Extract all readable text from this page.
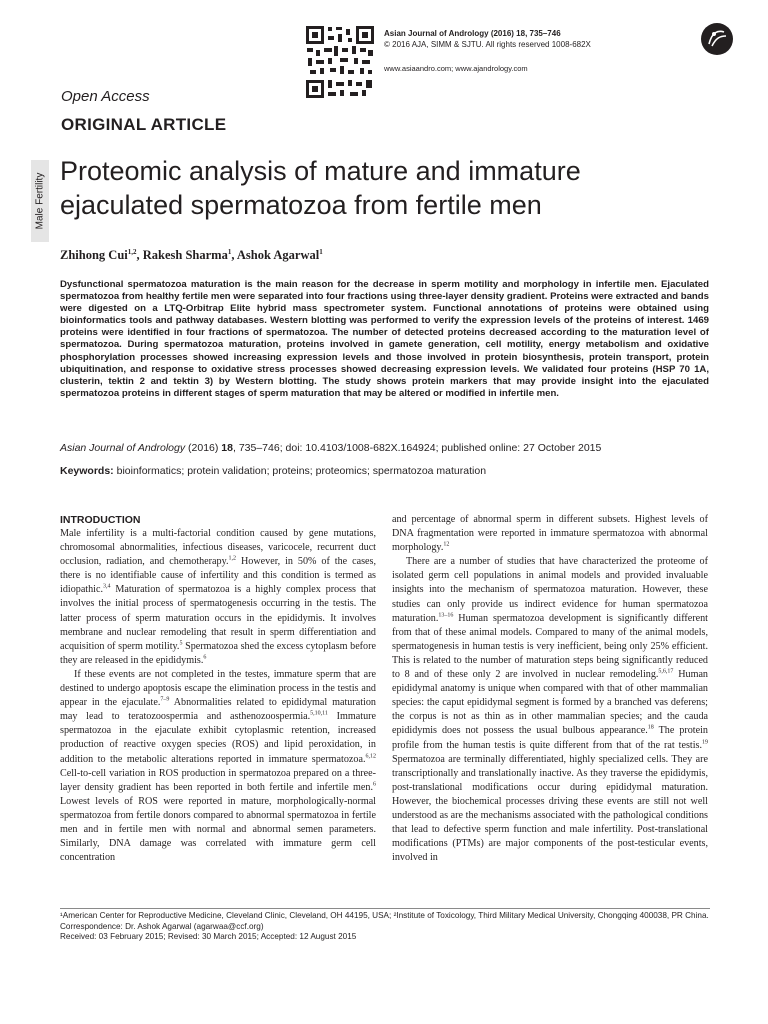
Asian Journal of Andrology (2016) 18, 735–746
© 2016 AJA, SIMM & SJTU. All rights reserved 1008-682X
www.asiaandro.com; www.ajandrology.com
Open Access
ORIGINAL ARTICLE
Male Fertility
Proteomic analysis of mature and immature
ejaculated spermatozoa from fertile men
Zhihong Cui$^{1,2}$, Rakesh Sharma$^1$, Ashok Agarwal$^1$
Dysfunctional spermatozoa maturation is the main reason for the decrease in sperm motility and morphology in infertile men. Ejaculated spermatozoa from healthy fertile men were separated into four fractions using three-layer density gradient. Proteins were extracted and bands were digested on a LTQ-Orbitrap Elite hybrid mass spectrometer system. Functional annotations of proteins were obtained using bioinformatics tools and pathway databases. Western blotting was performed to verify the expression levels of the proteins of interest. 1469 proteins were identified in four fractions of spermatozoa. The number of detected proteins decreased according to the maturation level of spermatozoa. During spermatozoa maturation, proteins involved in gamete generation, cell motility, energy metabolism and oxidative phosphorylation processes showed increasing expression levels and those involved in protein biosynthesis, protein transport, protein ubiquitination, and response to oxidative stress processes showed decreasing expression levels. We validated four proteins (HSP 70 1A, clusterin, tektin 2 and tektin 3) by Western blotting. The study shows protein markers that may provide insight into the ejaculated spermatozoa proteins in different stages of sperm maturation that may be altered or modified in infertile men.
Asian Journal of Andrology (2016) 18, 735–746; doi: 10.4103/1008-682X.164924; published online: 27 October 2015
Keywords: bioinformatics; protein validation; proteins; proteomics; spermatozoa maturation
INTRODUCTION

Male infertility is a multi-factorial condition caused by gene mutations, chromosomal abnormalities, infectious diseases, varicocele, recurrent duct occlusion, radiation, and chemotherapy.$^{1,2}$ However, in 50% of the cases, there is no identifiable cause of infertility and this condition is termed as idiopathic.$^{3,4}$ Maturation of spermatozoa is a highly complex process that involves the initial process of spermatogenesis occurring in the testis. The latter process of sperm maturation occurs in the epididymis. It involves membrane and nuclear remodeling that result in sperm differentiation and acquisition of sperm motility.$^5$ Spermatozoa shed the excess cytoplasm before they are released in the epididymis.$^6$

If these events are not completed in the testes, immature sperm that are destined to undergo apoptosis escape the elimination process in the testis and appear in the ejaculate.$^{7-9}$ Abnormalities related to epididymal maturation may lead to teratozoospermia and asthenozoospermia.$^{5,10,11}$ Immature spermatozoa in the ejaculate exhibit cytoplasmic retention, increased production of reactive oxygen species (ROS) and lipid peroxidation, in addition to the metabolic alterations reported in immature spermatozoa.$^{6,12}$ Cell-to-cell variation in ROS production in spermatozoa prepared on a three-layer density gradient has been reported in both fertile and infertile men.$^6$ Lowest levels of ROS were reported in mature, morphologically-normal spermatozoa from fertile donors compared to abnormal spermatozoa in fertile men and in fertile men with normal and abnormal semen parameters. Similarly, DNA damage was correlated with immature germ cell concentration

and percentage of abnormal sperm in different subsets. Highest levels of DNA fragmentation were reported in immature spermatozoa with abnormal morphology.$^{12}$

There are a number of studies that have characterized the proteome of isolated germ cell populations in animal models and provided invaluable insights into the mechanism of spermatozoa maturation. However, these studies can only provide us indirect evidence for human spermatozoa maturation.$^{13-16}$ Human spermatozoa development is significantly different from that of these animal models. Compared to many of the animal models, spermatogenesis in human testis is very inefficient, being only 25% efficient. This is related to the number of maturation steps being significantly reduced to 8 and of these only 2 are involved in nuclear remodeling.$^{5,6,17}$ Human epididymal anatomy is unique when compared with that of other mammalian species: the caput epididymal segment is formed by a branched vas deferens; the corpus is not as thin as in other mammalian species; and the cauda epididymis does not possess the usual bulbous appearance.$^{18}$ The protein profile from the human testis is quite different from that of the rat testis.$^{19}$ Spermatozoa are terminally differentiated, highly specialized cells. They are transcriptionally and translationally inactive. As they traverse the epididymis, post-translational modifications occur during epididymal maturation. However, the biochemical processes driving these events are still not well understood as are the mechanisms associated with the pathological conditions that lead to defective sperm function and male infertility. Post-translational modifications (PTMs) are major components of the post-testicular events, involved in

¹American Center for Reproductive Medicine, Cleveland Clinic, Cleveland, OH 44195, USA; ²Institute of Toxicology, Third Military Medical University, Chongqing 400038, PR China.
Correspondence: Dr. Ashok Agarwal (agarwaa@ccf.org)
Received: 03 February 2015; Revised: 30 March 2015; Accepted: 12 August 2015
